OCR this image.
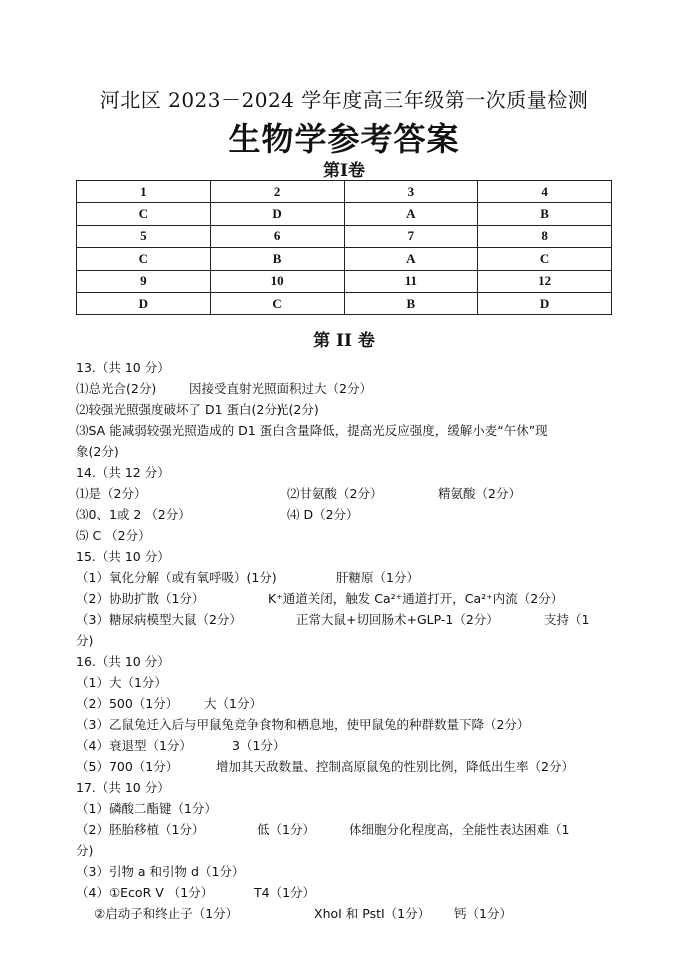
河北区 2023－2024 学年度高三年级第一次质量检测
生物学参考答案
第Ⅰ卷
1	2	3	4
C	D	A	B
5	6	7	8
C	B	A	C
9	10	11	12
D	C	B	D
第 II 卷
13.（共 10 分）
⑴总光合(2分)	因接受直射光照面积过大（2分）
⑵较强光照强度破坏了 D1 蛋白(2分)
光(2分)
⑶SA 能减弱较强光照造成的 D1 蛋白含量降低，提高光反应强度，缓解小麦“午休”现
象(2分)
14.（共 12 分）
⑴是（2分）	⑵甘氨酸（2分）	精氨酸（2分）
⑶0、1或 2 （2分）	⑷ D（2分）
⑸ C （2分）
15.（共 10 分）
（1）氧化分解（或有氧呼吸）(1分)	肝糖原（1分）
（2）协助扩散（1分）	K⁺通道关闭，触发 Ca²⁺通道打开，Ca²⁺内流（2分）
（3）糖尿病模型大鼠（2分）	正常大鼠+切回肠术+GLP-1（2分）	支持（1
分)
16.（共 10 分）
（1）大（1分）
（2）500（1分） 大（1分）
（3）乙鼠兔迁入后与甲鼠兔竞争食物和栖息地，使甲鼠兔的种群数量下降（2分）
（4）衰退型（1分）	3（1分）
（5）700（1分）	增加其天敌数量、控制高原鼠兔的性别比例，降低出生率（2分）
17.（共 10 分）
（1）磷酸二酯键（1分）
（2）胚胎移植（1分）	低（1分）	体细胞分化程度高，全能性表达困难（1
分)
（3）引物 a 和引物 d（1分）
（4）①EcoR V （1分）	T4（1分）
②启动子和终止子（1分）	XhoI 和 PstI（1分） 钙（1分）
